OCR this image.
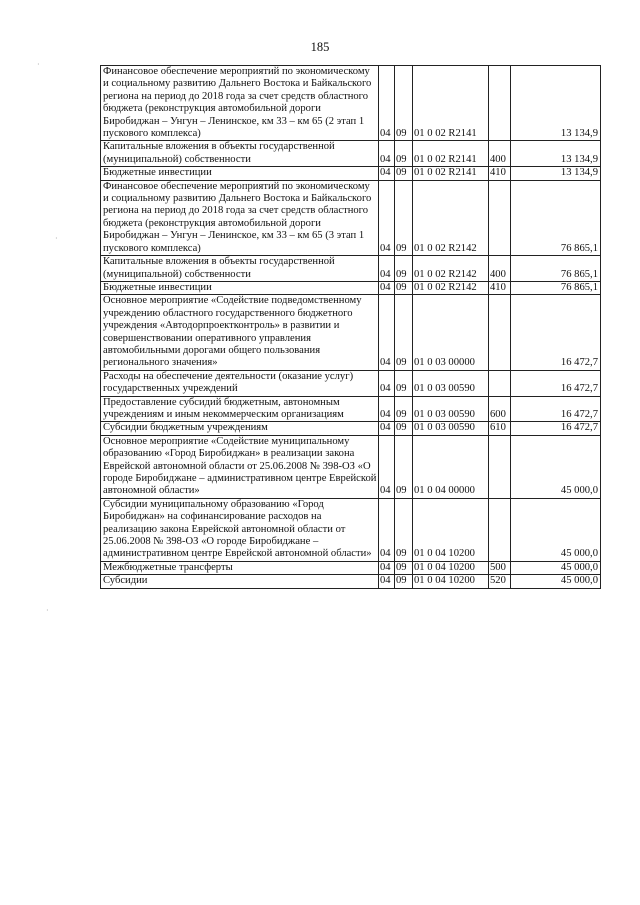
185
·
·
·
Финансовое обеспечение мероприятий по экономическому и социальному развитию Дальнего Востока и Байкальского региона на период до 2018 года за счет средств областного бюджета (реконструкция автомобильной дороги Биробиджан – Унгун – Ленинское, км 33 – км 65 (2 этап 1 пускового комплекса)	04	09	01 0 02 R2141		13 134,9
Капитальные вложения в объекты государственной (муниципальной) собственности	04	09	01 0 02 R2141	400	13 134,9
Бюджетные инвестиции	04	09	01 0 02 R2141	410	13 134,9
Финансовое обеспечение мероприятий по экономическому и социальному развитию Дальнего Востока и Байкальского региона на период до 2018 года за счет средств областного бюджета (реконструкция автомобильной дороги Биробиджан – Унгун – Ленинское, км 33 – км 65 (3 этап 1 пускового комплекса)	04	09	01 0 02 R2142		76 865,1
Капитальные вложения в объекты государственной (муниципальной) собственности	04	09	01 0 02 R2142	400	76 865,1
Бюджетные инвестиции	04	09	01 0 02 R2142	410	76 865,1
Основное мероприятие «Содействие подведомственному учреждению областного государственного бюджетного учреждения «Автодорпроектконтроль» в развитии и совершенствовании оперативного управления автомобильными дорогами общего пользования регионального значения»	04	09	01 0 03 00000		16 472,7
Расходы на обеспечение деятельности (оказание услуг) государственных учреждений	04	09	01 0 03 00590		16 472,7
Предоставление субсидий бюджетным, автономным учреждениям и иным некоммерческим организациям	04	09	01 0 03 00590	600	16 472,7
Субсидии бюджетным учреждениям	04	09	01 0 03 00590	610	16 472,7
Основное мероприятие «Содействие муниципальному образованию «Город Биробиджан» в реализации закона Еврейской автономной области от 25.06.2008 № 398-ОЗ «О городе Биробиджане – административном центре Еврейской автономной области»	04	09	01 0 04 00000		45 000,0
Субсидии муниципальному образованию «Город Биробиджан» на софинансирование расходов на реализацию закона Еврейской автономной области от 25.06.2008 № 398-ОЗ «О городе Биробиджане – административном центре Еврейской автономной области»	04	09	01 0 04 10200		45 000,0
Межбюджетные трансферты	04	09	01 0 04 10200	500	45 000,0
Субсидии	04	09	01 0 04 10200	520	45 000,0
